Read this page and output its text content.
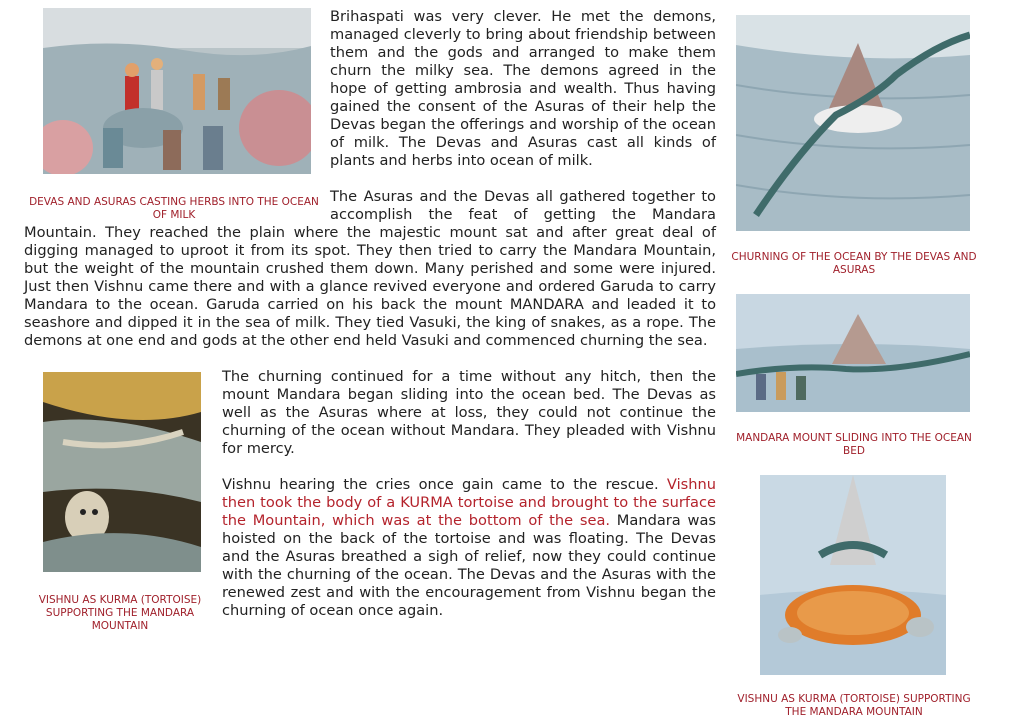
DEVAS AND ASURAS CASTING HERBS INTO THE OCEAN OF MILK

Brihaspati was very clever. He met the demons, managed cleverly to bring about friendship between them and the gods and arranged to make them churn the milky sea. The demons agreed in the hope of getting ambrosia and wealth. Thus having gained the consent of the Asuras of their help the Devas began the offerings and worship of the ocean of milk. The Devas and Asuras cast all kinds of plants and herbs into ocean of milk.

The Asuras and the Devas all gathered together to accomplish the feat of getting the Mandara Mountain. They reached the plain where the majestic mount sat and after great deal of digging managed to uproot it from its spot. They then tried to carry the Mandara Mountain, but the weight of the mountain crushed them down. Many perished and some were injured. Just then Vishnu came there and with a glance revived everyone and ordered Garuda to carry Mandara to the ocean. Garuda carried on his back the mount MANDARA and leaded it to seashore and dipped it in the sea of milk. They tied Vasuki, the king of snakes, as a rope. The demons at one end and gods at the other end held Vasuki and commenced churning the sea.

VISHNU AS KURMA (TORTOISE) SUPPORTING THE MANDARA MOUNTAIN

The churning continued for a time without any hitch, then the mount Mandara began sliding into the ocean bed. The Devas as well as the Asuras where at loss, they could not continue the churning of the ocean without Mandara. They pleaded with Vishnu for mercy.

Vishnu hearing the cries once gain came to the rescue. Vishnu then took the body of a KURMA tortoise and brought to the surface the Mountain, which was at the bottom of the sea. Mandara was hoisted on the back of the tortoise and was floating. The Devas and the Asuras breathed a sigh of relief, now they could continue with the churning of the ocean. The Devas and the Asuras with the renewed zest and with the encouragement from Vishnu began the churning of ocean once again.

CHURNING OF THE OCEAN BY THE DEVAS AND ASURAS
MANDARA MOUNT SLIDING INTO THE OCEAN BED
VISHNU AS KURMA (TORTOISE) SUPPORTING THE MANDARA MOUNTAIN
